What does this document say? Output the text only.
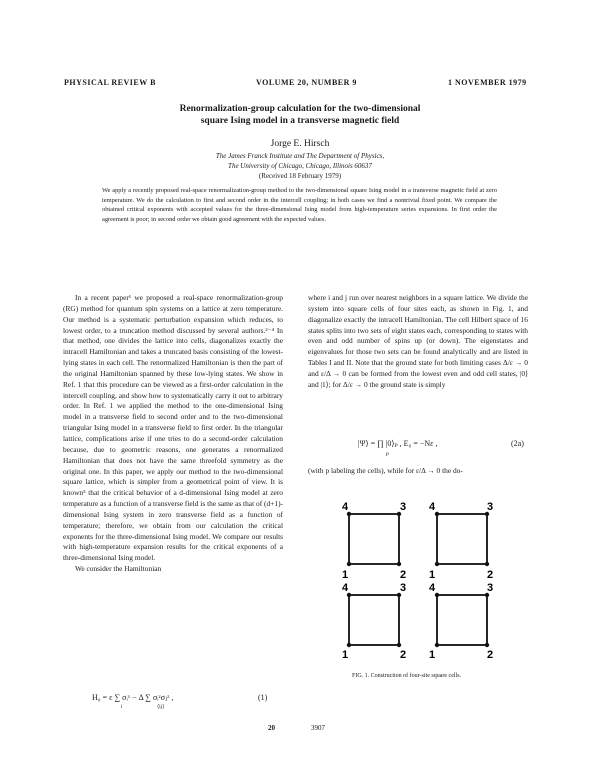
PHYSICAL REVIEW B	VOLUME 20, NUMBER 9	1 NOVEMBER 1979
Renormalization-group calculation for the two-dimensional
square Ising model in a transverse magnetic field
Jorge E. Hirsch
The James Franck Institute and The Department of Physics,
The University of Chicago, Chicago, Illinois 60637
(Received 18 February 1979)
We apply a recently proposed real-space renormalization-group method to the two-dimensional square Ising model in a transverse magnetic field at zero temperature. We do the calculation to first and second order in the intercell coupling; in both cases we find a nontrivial fixed point. We compare the obtained critical exponents with accepted values for the three-dimensional Ising model from high-temperature series expansions. In first order the agreement is poor; in second order we obtain good agreement with the expected values.

In a recent paper¹ we proposed a real-space renormalization-group (RG) method for quantum spin systems on a lattice at zero temperature. Our method is a systematic perturbation expansion which reduces, to lowest order, to a truncation method discussed by several authors.²⁻⁴ In that method, one divides the lattice into cells, diagonalizes exactly the intracell Hamiltonian and takes a truncated basis consisting of the lowest-lying states in each cell. The renormalized Hamiltonian is then the part of the original Hamiltonian spanned by these low-lying states. We show in Ref. 1 that this procedure can be viewed as a first-order calculation in the intercell coupling, and show how to systematically carry it out to arbitrary order. In Ref. 1 we applied the method to the one-dimensional Ising model in a transverse field to second order and to the two-dimensional triangular Ising model in a transverse field to first order. In the triangular lattice, complications arise if one tries to do a second-order calculation because, due to geometric reasons, one generates a renormalized Hamiltonian that does not have the same threefold symmetry as the original one. In this paper, we apply our method to the two-dimensional square lattice, which is simpler from a geometrical point of view. It is known⁵ that the critical behavior of a d-dimensional Ising model at zero temperature as a function of a transverse field is the same as that of (d+1)-dimensional Ising system in zero transverse field as a function of temperature; therefore, we obtain from our calculation the critical exponents for the three-dimensional Ising model. We compare our results with high-temperature expansion results for the critical exponents of a three-dimensional Ising model.

We consider the Hamiltonian

H₀ = ε ∑ σᵢˣ − Δ ∑ σᵢᶻσⱼᶻ ,
i	⟨ij⟩
(1)

where i and j run over nearest neighbors in a square lattice. We divide the system into square cells of four sites each, as shown in Fig. 1, and diagonalize exactly the intracell Hamiltonian. The cell Hilbert space of 16 states splits into two sets of eight states each, corresponding to states with even and odd number of spins up (or down). The eigenstates and eigenvalues for those two sets can be found analytically and are listed in Tables I and II. Note that the ground state for both limiting cases Δ/ε → 0 and ε/Δ → 0 can be formed from the lowest even and odd cell states, |0⟩ and |1⟩; for Δ/ε → 0 the ground state is simply

|Ψ⟩ = ∏ |0⟩ₚ , E₀ = −Nε ,
p
(2a)
(with p labeling the cells), while for ε/Δ → 0 the do-
4	3
1	2
4	3
1	2
4	3
1	2
4	3
1	2
FIG. 1. Construction of four-site square cells.
20	3907
